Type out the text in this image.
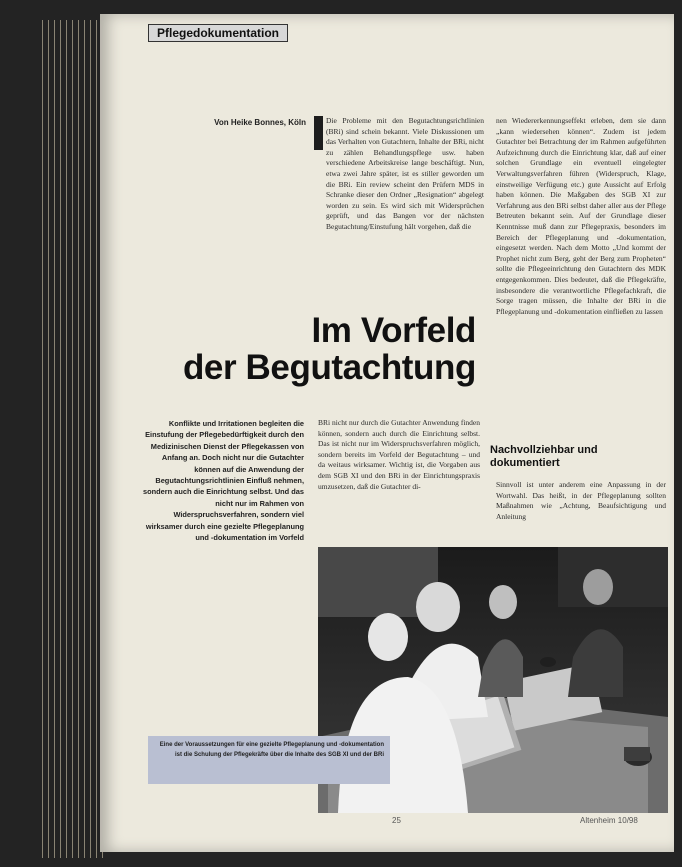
Pflegedokumentation
Von Heike Bonnes, Köln	Die Probleme mit den Begutachtungsrichtlinien (BRi) sind schein bekannt. Viele Diskussionen um das Verhalten von Gutachtern, Inhalte der BRi, nicht zu zählen Behandlungspflege usw. haben verschiedene Arbeitskreise lange beschäftigt. Nun, etwa zwei Jahre später, ist es stiller geworden um die BRi. Ein review scheint den Prüfern MDS in Schranke dieser den Ordner „Resignation“ abgelegt worden zu sein. Es wird sich mit Widersprüchen geprüft, und das Bangen vor der nächsten Begutachtung/Einstufung hält vorgehen, daß die
nen Wiedererkennungseffekt erleben, dem sie dann „kann wiedersehen können“. Zudem ist jedem Gutachter bei Betrachtung der im Rahmen aufgeführten Aufzeichnung durch die Einrichtung klar, daß auf einer solchen Grundlage ein eventuell eingelegter Verwaltungsverfahren führen (Widerspruch, Klage, einstweilige Verfügung etc.) gute Aussicht auf Erfolg haben können. Die Maßgaben des SGB XI zur Verfahrung aus den BRi selbst daher aller aus der Pflege Betreuten bekannt sein. Auf der Grundlage dieser Kenntnisse muß dann zur Pflegepraxis, besonders im Bereich der Pflegeplanung und -dokumentation, eingesetzt werden. Nach dem Motto „Und kommt der Prophet nicht zum Berg, geht der Berg zum Propheten“ sollte die Pflegeeinrichtung den Gutachtern des MDK entgegenkommen. Dies bedeutet, daß die Pflegekräfte, insbesondere die verantwortliche Pflegefachkraft, die Sorge tragen müssen, die Inhalte der BRi in die Pflegeplanung und -dokumentation einfließen zu lassen
Im Vorfeld
der Begutachtung
Konflikte und Irritationen begleiten die Einstufung der Pflegebedürftigkeit durch den Medizinischen Dienst der Pflegekassen von Anfang an. Doch nicht nur die Gutachter können auf die Anwendung der Begutachtungsrichtlinien Einfluß nehmen, sondern auch die Einrichtung selbst. Und das nicht nur im Rahmen von Widerspruchsverfahren, sondern viel wirksamer durch eine gezielte Pflegeplanung und -dokumentation im Vorfeld
BRi nicht nur durch die Gutachter Anwendung finden können, sondern auch durch die Einrichtung selbst. Das ist nicht nur im Widerspruchsverfahren möglich, sondern bereits im Vorfeld der Begutachtung – und da weitaus wirksamer. Wichtig ist, die Vorgaben aus dem SGB XI und den BRi in der Einrichtungspraxis umzusetzen, daß die Gutachter di-
Nachvollziehbar und dokumentiert
Sinnvoll ist unter anderem eine Anpassung in der Wortwahl. Das heißt, in der Pflegeplanung sollten Maßnahmen wie „Achtung, Beaufsichtigung und Anleitung
Eine der Voraussetzungen für eine gezielte Pflegeplanung und -dokumentation ist die Schulung der Pflegekräfte über die Inhalte des SGB XI und der BRi
25	Altenheim 10/98
